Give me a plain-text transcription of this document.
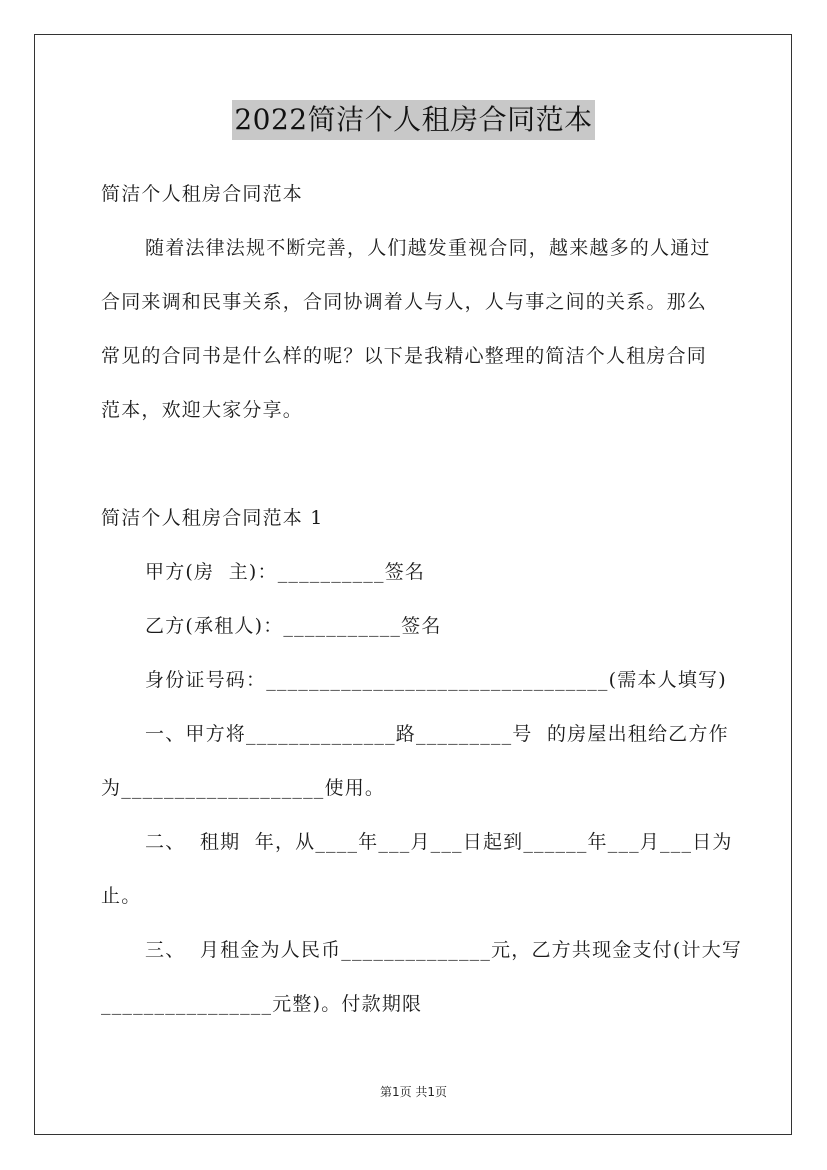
2022简洁个人租房合同范本
简洁个人租房合同范本
随着法律法规不断完善，人们越发重视合同，越来越多的人通过
合同来调和民事关系，合同协调着人与人，人与事之间的关系。那么
常见的合同书是什么样的呢？以下是我精心整理的简洁个人租房合同
范本，欢迎大家分享。
简洁个人租房合同范本 1
甲方(房  主)：__________签名
乙方(承租人)：___________签名
身份证号码：________________________________(需本人填写)
一、甲方将______________路_________号  的房屋出租给乙方作
为___________________使用。
二、  租期  年，从____年___月___日起到______年___月___日为
止。
三、  月租金为人民币______________元，乙方共现金支付(计大写
________________元整)。付款期限
第1页 共1页
